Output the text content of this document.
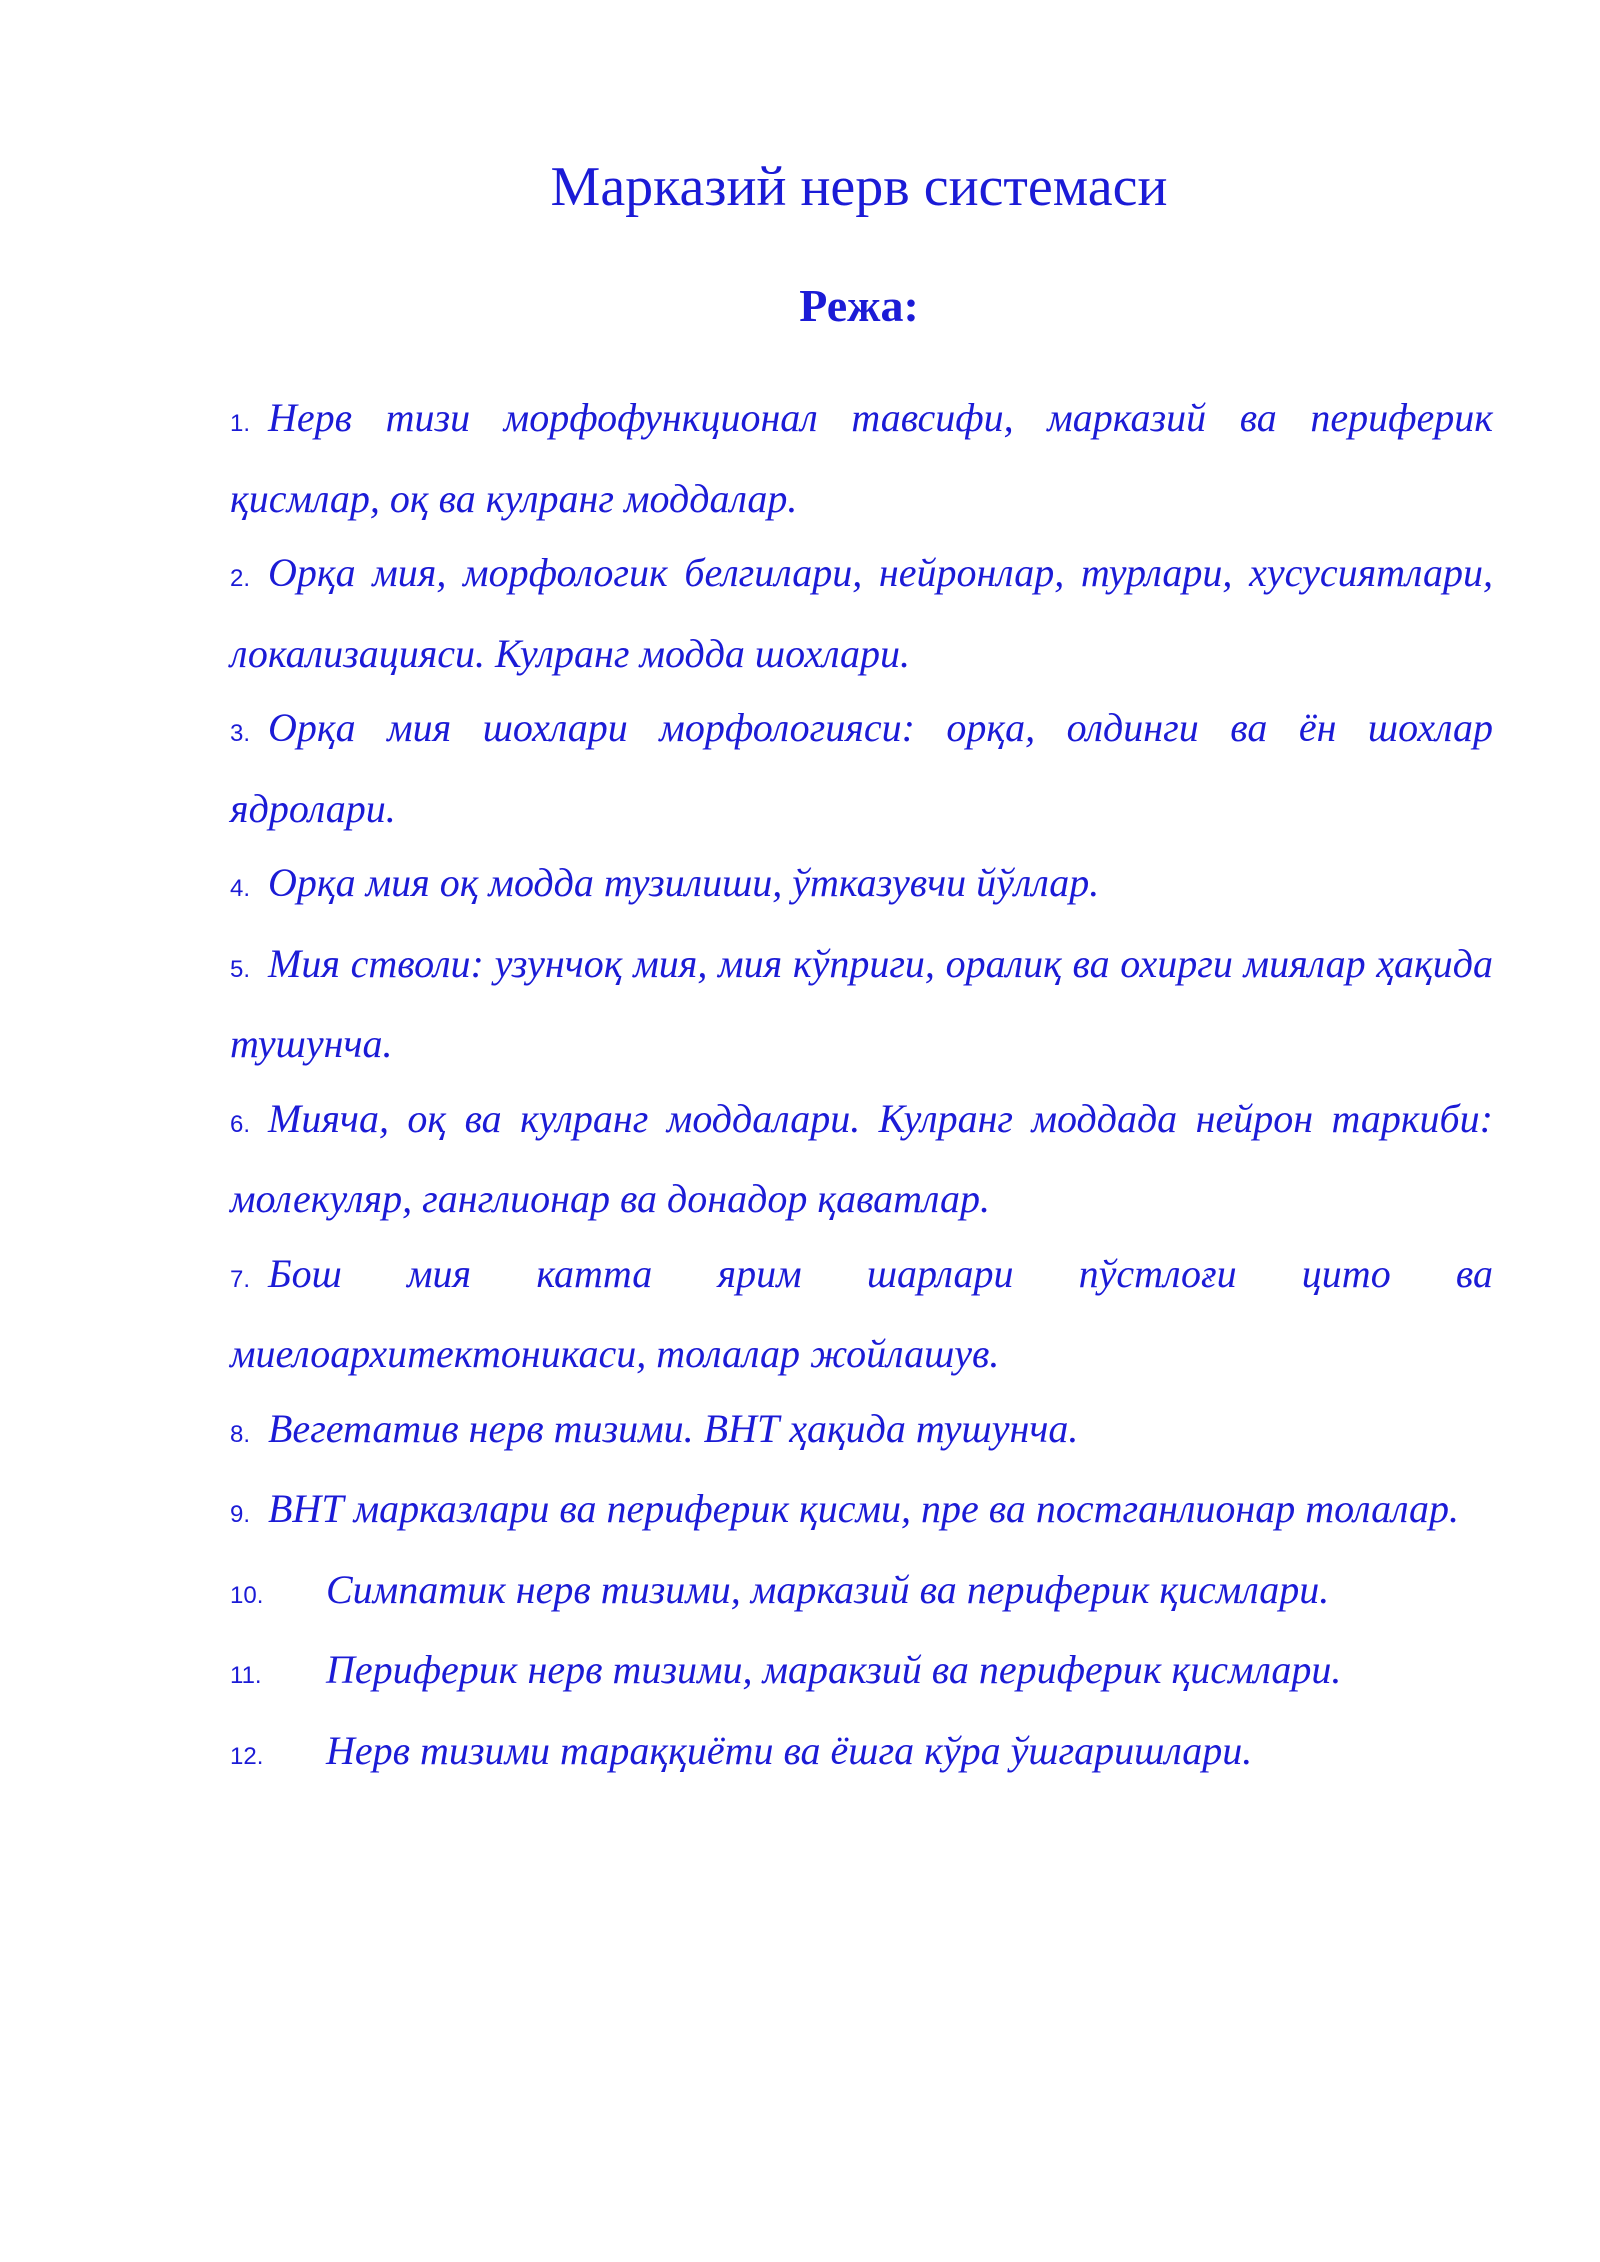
Марказий нерв системаси
Режа:
1. Нерв тизи морфофункционал тавсифи, марказий ва периферик қисмлар, оқ ва кулранг моддалар.
2. Орқа мия, морфологик белгилари, нейронлар, турлари, хусусиятлари, локализацияси. Кулранг модда шохлари.
3. Орқа мия шохлари морфологияси: орқа, олдинги ва ён шохлар ядролари.
4. Орқа мия оқ модда тузилиши, ўтказувчи йўллар.
5. Мия стволи: узунчоқ мия, мия кўприги, оралиқ ва охирги миялар ҳақида тушунча.
6. Мияча, оқ ва кулранг моддалари. Кулранг моддада нейрон таркиби: молекуляр, ганглионар ва донадор қаватлар.
7. Бош мия катта ярим шарлари пўстлоғи цито ва миелоархитектоникаси, толалар жойлашув.
8. Вегетатив нерв тизими. ВНТ ҳақида тушунча.
9. ВНТ марказлари ва периферик қисми, пре ва постганлионар толалар.
10. Симпатик нерв тизими, марказий ва периферик қисмлари.
11. Периферик нерв тизими, маракзий ва периферик қисмлари.
12. Нерв тизими тараққиёти ва ёшга кўра ўшгаришлари.
